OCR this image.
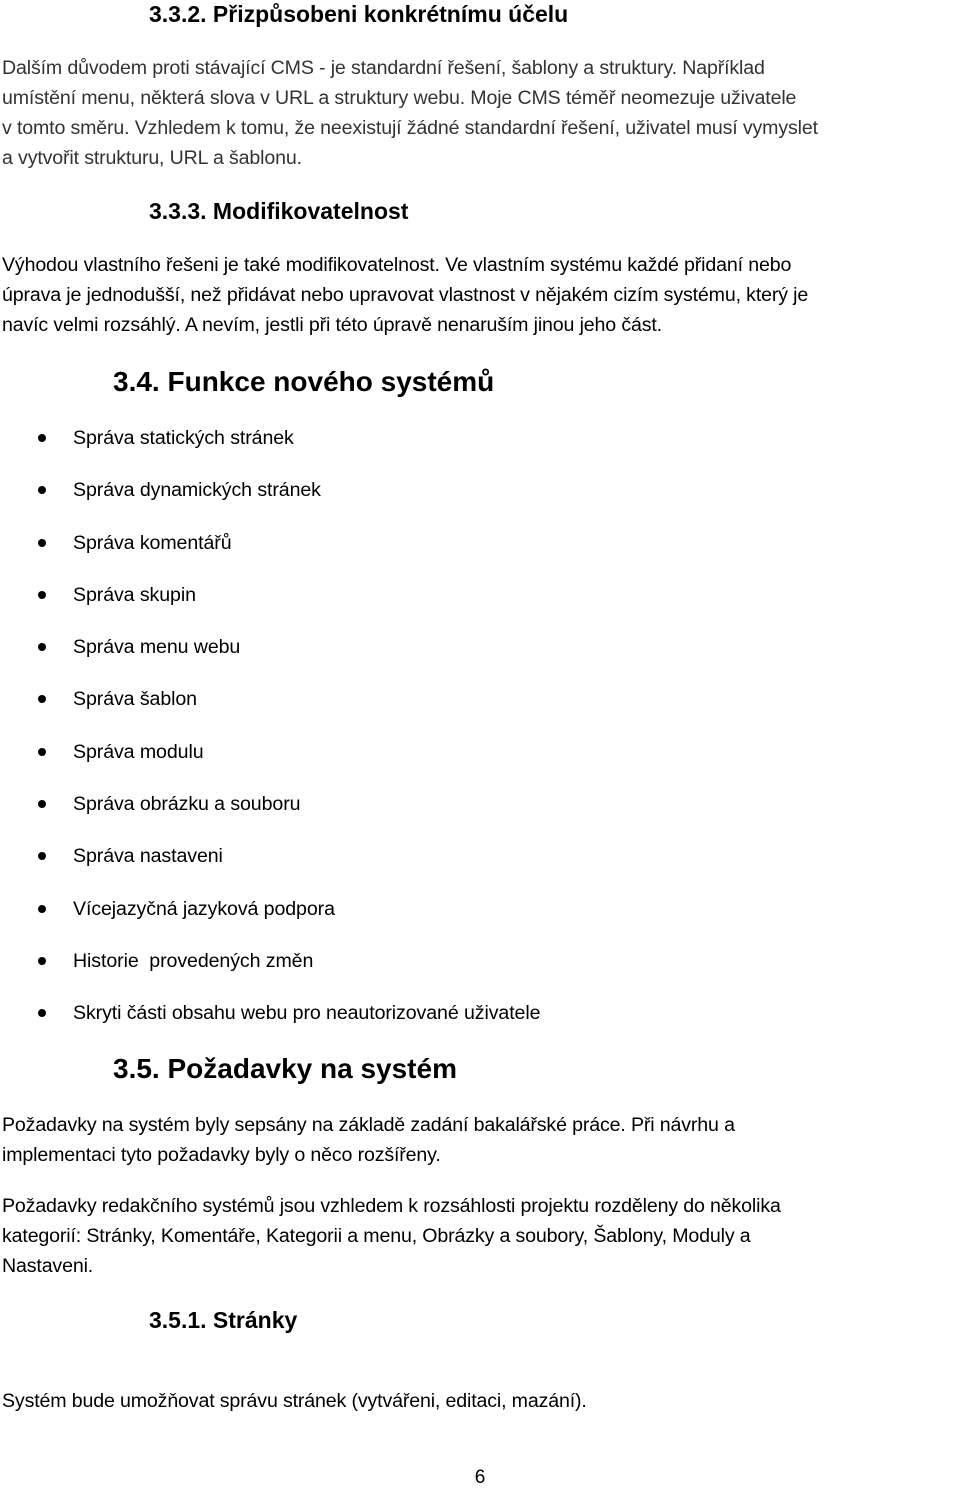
3.3.2. Přizpůsobeni konkrétnímu účelu
Dalším důvodem proti stávající CMS - je standardní řešení, šablony a struktury. Například
umístění menu, některá slova v URL a struktury webu. Moje CMS téměř neomezuje uživatele
v tomto směru. Vzhledem k tomu, že neexistují žádné standardní řešení, uživatel musí vymyslet
a vytvořit strukturu, URL a šablonu.
3.3.3. Modifikovatelnost
Výhodou vlastního řešeni je také modifikovatelnost. Ve vlastním systému každé přidaní nebo
úprava je jednodušší, než přidávat nebo upravovat vlastnost v nějakém cizím systému, který je
navíc velmi rozsáhlý. A nevím, jestli při této úpravě nenaruším jinou jeho část.
3.4. Funkce nového systémů
Správa statických stránek
Správa dynamických stránek
Správa komentářů
Správa skupin
Správa menu webu
Správa šablon
Správa modulu
Správa obrázku a souboru
Správa nastaveni
Vícejazyčná jazyková podpora
Historie  provedených změn
Skryti části obsahu webu pro neautorizované uživatele
3.5. Požadavky na systém
Požadavky na systém byly sepsány na základě zadání bakalářské práce. Při návrhu a
implementaci tyto požadavky byly o něco rozšířeny.
Požadavky redakčního systémů jsou vzhledem k rozsáhlosti projektu rozděleny do několika
kategorií: Stránky, Komentáře, Kategorii a menu, Obrázky a soubory, Šablony, Moduly a
Nastaveni.
3.5.1. Stránky
Systém bude umožňovat správu stránek (vytvářeni, editaci, mazání).
6
